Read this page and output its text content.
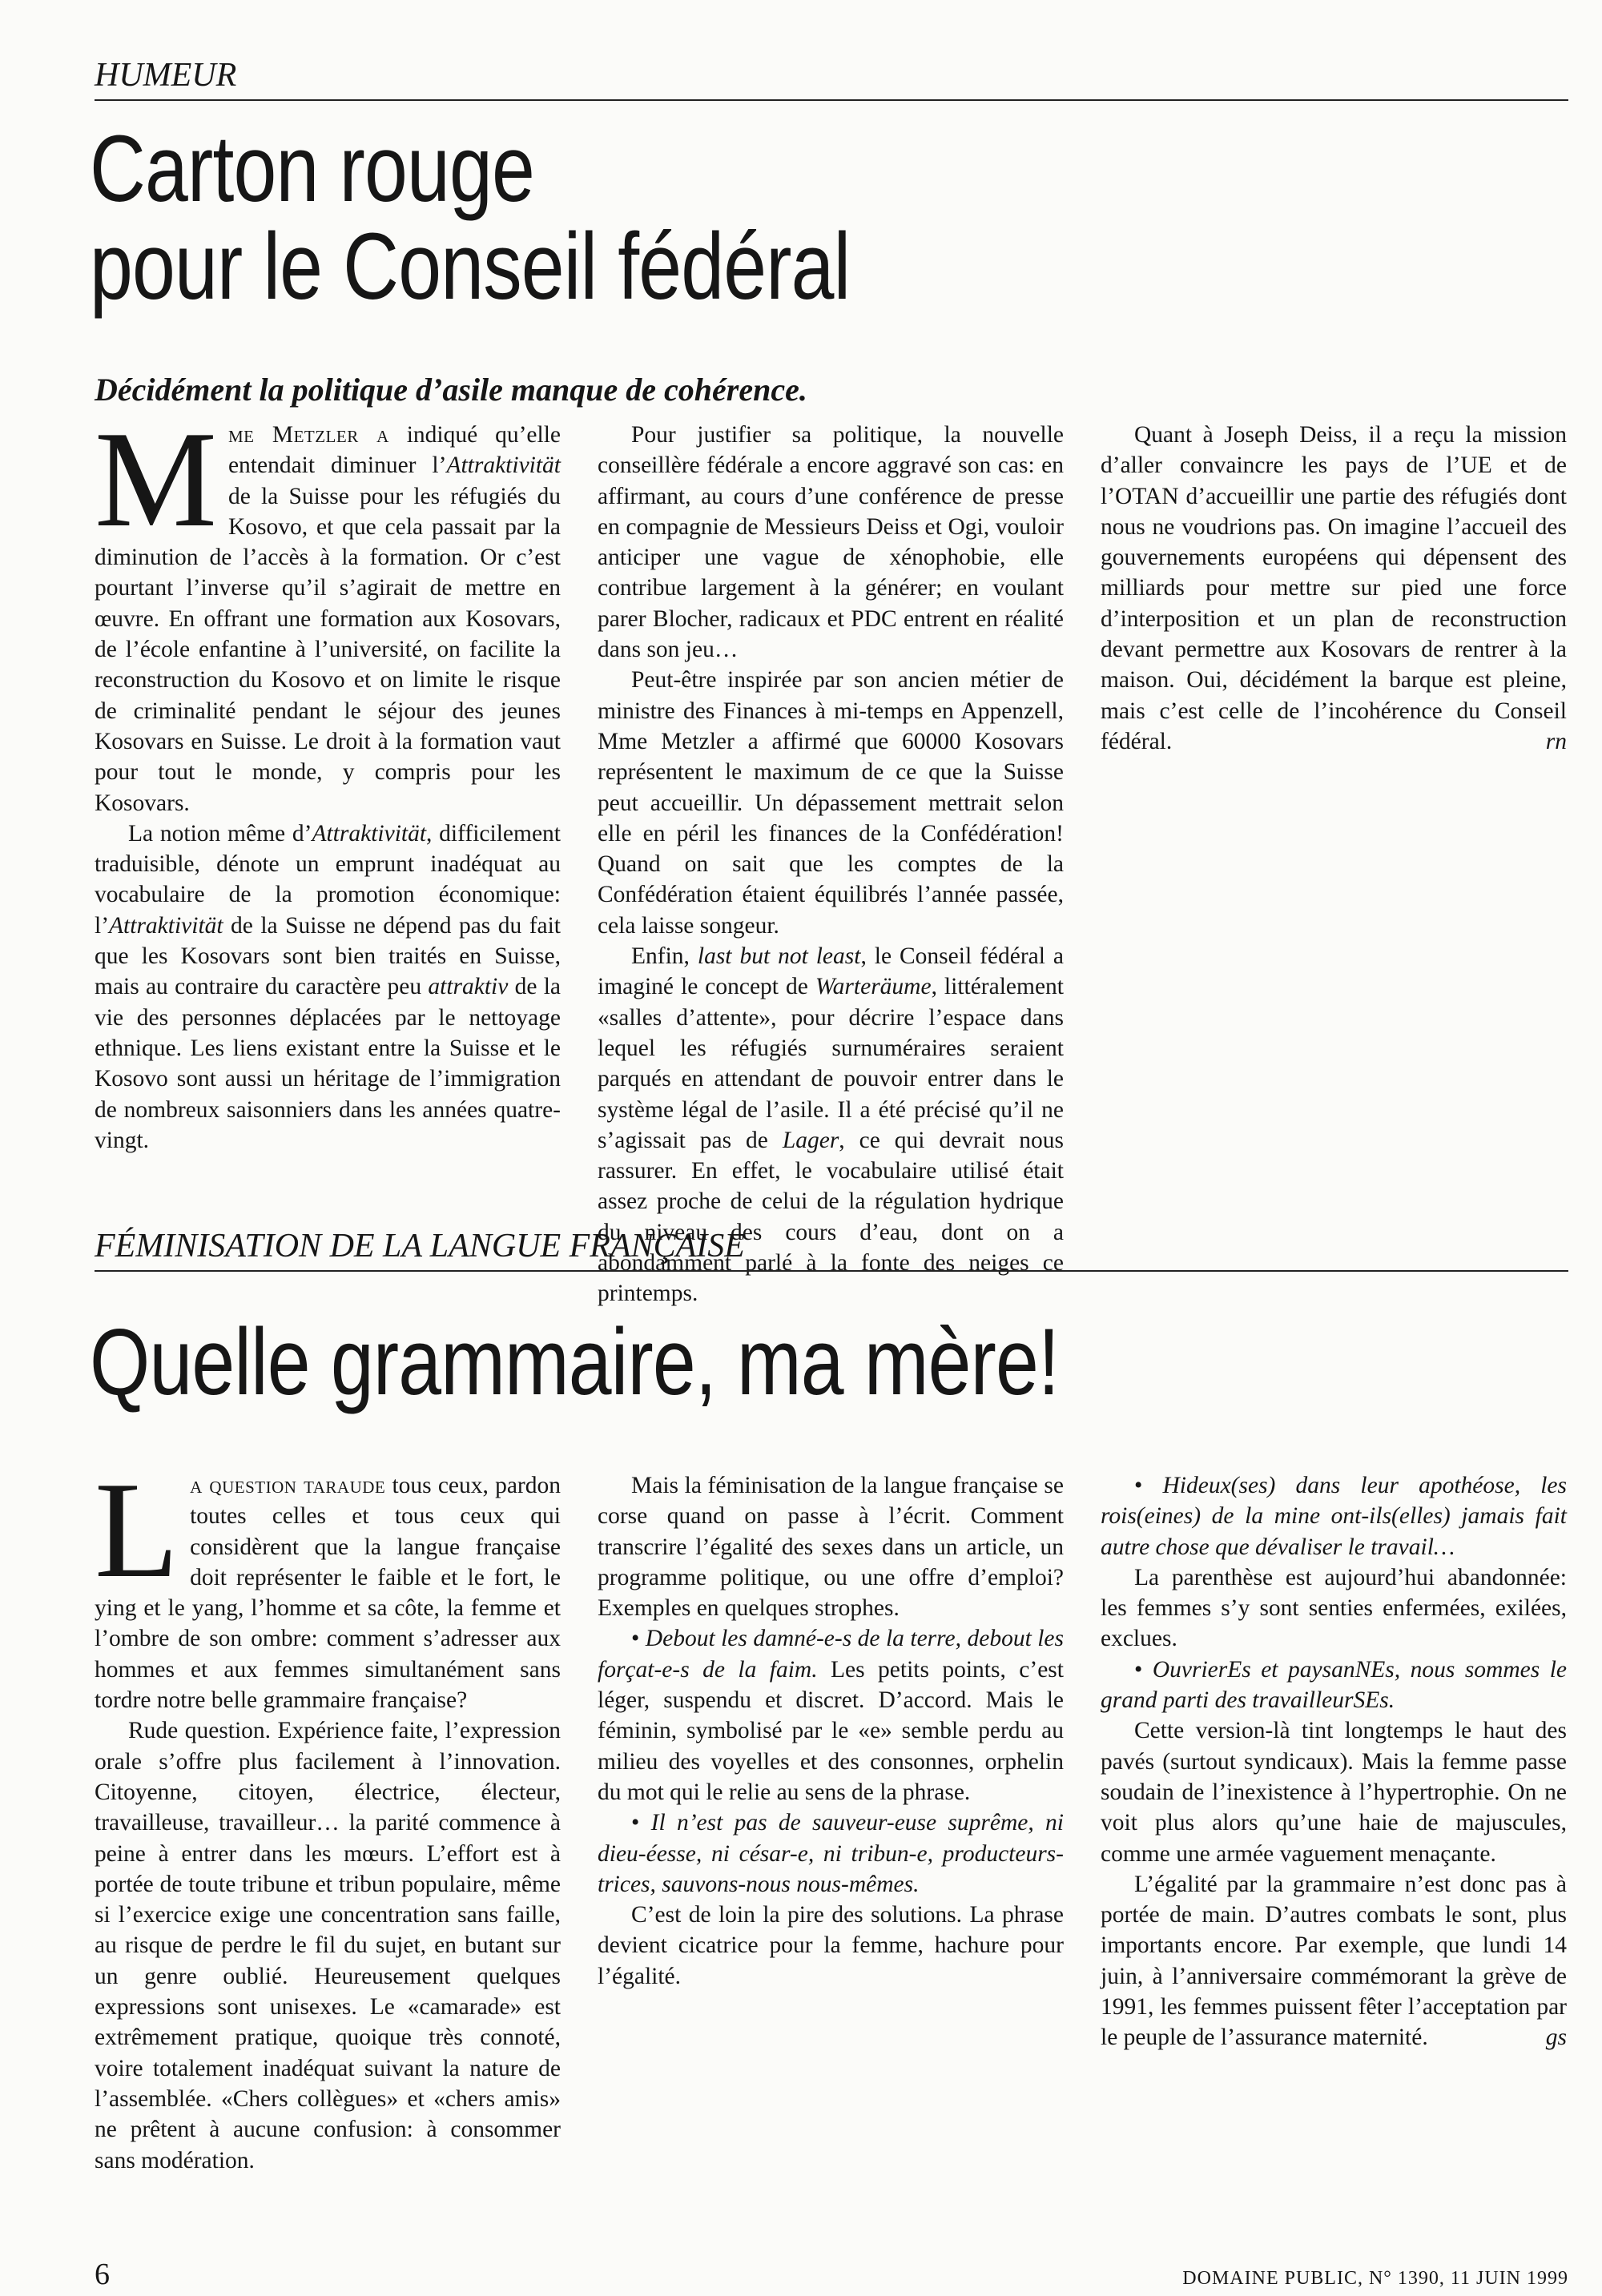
HUMEUR
Carton rouge
pour le Conseil fédéral
Décidément la politique d’asile manque de cohérence.

Mme Metzler a indiqué qu’elle entendait diminuer l’Attraktivität de la Suisse pour les réfugiés du Kosovo, et que cela passait par la diminution de l’accès à la formation. Or c’est pourtant l’inverse qu’il s’agirait de mettre en œuvre. En offrant une formation aux Kosovars, de l’école enfantine à l’université, on facilite la reconstruction du Kosovo et on limite le risque de criminalité pendant le séjour des jeunes Kosovars en Suisse. Le droit à la formation vaut pour tout le monde, y compris pour les Kosovars.

La notion même d’Attraktivität, difficilement traduisible, dénote un emprunt inadéquat au vocabulaire de la promotion économique: l’Attraktivität de la Suisse ne dépend pas du fait que les Kosovars sont bien traités en Suisse, mais au contraire du caractère peu attraktiv de la vie des personnes déplacées par le nettoyage ethnique. Les liens existant entre la Suisse et le Kosovo sont aussi un héritage de l’immigration de nombreux saisonniers dans les années quatre-vingt.

Pour justifier sa politique, la nouvelle conseillère fédérale a encore aggravé son cas: en affirmant, au cours d’une conférence de presse en compagnie de Messieurs Deiss et Ogi, vouloir anticiper une vague de xénophobie, elle contribue largement à la générer; en voulant parer Blocher, radicaux et PDC entrent en réalité dans son jeu…

Peut-être inspirée par son ancien métier de ministre des Finances à mi-temps en Appenzell, Mme Metzler a affirmé que 60000 Kosovars représentent le maximum de ce que la Suisse peut accueillir. Un dépassement mettrait selon elle en péril les finances de la Confédération! Quand on sait que les comptes de la Confédération étaient équilibrés l’année passée, cela laisse songeur.

Enfin, last but not least, le Conseil fédéral a imaginé le concept de Warteräume, littéralement «salles d’attente», pour décrire l’espace dans lequel les réfugiés surnuméraires seraient parqués en attendant de pouvoir entrer dans le système légal de l’asile. Il a été précisé qu’il ne s’agissait pas de Lager, ce qui devrait nous rassurer. En effet, le vocabulaire utilisé était assez proche de celui de la régulation hydrique du niveau des cours d’eau, dont on a abondamment parlé à la fonte des neiges ce printemps.

Quant à Joseph Deiss, il a reçu la mission d’aller convaincre les pays de l’UE et de l’OTAN d’accueillir une partie des réfugiés dont nous ne voudrions pas. On imagine l’accueil des gouvernements européens qui dépensent des milliards pour mettre sur pied une force d’interposition et un plan de reconstruction devant permettre aux Kosovars de rentrer à la maison. Oui, décidément la barque est pleine, mais c’est celle de l’incohérence du Conseil fédéral.	rn

FÉMINISATION DE LA LANGUE FRANÇAISE
Quelle grammaire, ma mère!

La question taraude tous ceux, pardon toutes celles et tous ceux qui considèrent que la langue française doit représenter le faible et le fort, le ying et le yang, l’homme et sa côte, la femme et l’ombre de son ombre: comment s’adresser aux hommes et aux femmes simultanément sans tordre notre belle grammaire française?

Rude question. Expérience faite, l’expression orale s’offre plus facilement à l’innovation. Citoyenne, citoyen, électrice, électeur, travailleuse, travailleur… la parité commence à peine à entrer dans les mœurs. L’effort est à portée de toute tribune et tribun populaire, même si l’exercice exige une concentration sans faille, au risque de perdre le fil du sujet, en butant sur un genre oublié. Heureusement quelques expressions sont unisexes. Le «camarade» est extrêmement pratique, quoique très connoté, voire totalement inadéquat suivant la nature de l’assemblée. «Chers collègues» et «chers amis» ne prêtent à aucune confusion: à consommer sans modération.

Mais la féminisation de la langue française se corse quand on passe à l’écrit. Comment transcrire l’égalité des sexes dans un article, un programme politique, ou une offre d’emploi? Exemples en quelques strophes.

• Debout les damné-e-s de la terre, debout les forçat-e-s de la faim. Les petits points, c’est léger, suspendu et discret. D’accord. Mais le féminin, symbolisé par le «e» semble perdu au milieu des voyelles et des consonnes, orphelin du mot qui le relie au sens de la phrase.

• Il n’est pas de sauveur-euse suprême, ni dieu-éesse, ni césar-e, ni tribun-e, producteurs-trices, sauvons-nous nous-mêmes.

C’est de loin la pire des solutions. La phrase devient cicatrice pour la femme, hachure pour l’égalité.

• Hideux(ses) dans leur apothéose, les rois(eines) de la mine ont-ils(elles) jamais fait autre chose que dévaliser le travail…

La parenthèse est aujourd’hui abandonnée: les femmes s’y sont senties enfermées, exilées, exclues.

• OuvrierEs et paysanNEs, nous sommes le grand parti des travailleurSEs.

Cette version-là tint longtemps le haut des pavés (surtout syndicaux). Mais la femme passe soudain de l’inexistence à l’hypertrophie. On ne voit plus alors qu’une haie de majuscules, comme une armée vaguement menaçante.

L’égalité par la grammaire n’est donc pas à portée de main. D’autres combats le sont, plus importants encore. Par exemple, que lundi 14 juin, à l’anniversaire commémorant la grève de 1991, les femmes puissent fêter l’acceptation par le peuple de l’assurance maternité.	gs

6	DOMAINE PUBLIC, N° 1390, 11 JUIN 1999
